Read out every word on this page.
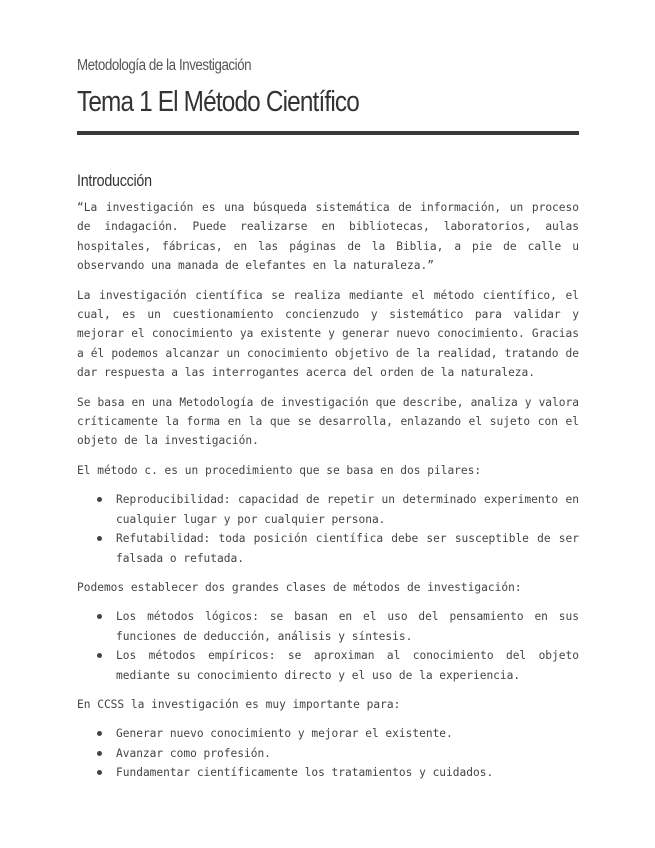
Metodología de la Investigación
Tema 1 El Método Científico
Introducción

“La investigación es una búsqueda sistemática de información, un proceso de indagación. Puede realizarse en bibliotecas, laboratorios, aulas hospitales, fábricas, en las páginas de la Biblia, a pie de calle u observando una manada de elefantes en la naturaleza.”

La investigación científica se realiza mediante el método científico, el cual, es un cuestionamiento concienzudo y sistemático para validar y mejorar el conocimiento ya existente y generar nuevo conocimiento. Gracias a él podemos alcanzar un conocimiento objetivo de la realidad, tratando de dar respuesta a las interrogantes acerca del orden de la naturaleza.

Se basa en una Metodología de investigación que describe, analiza y valora críticamente la forma en la que se desarrolla, enlazando el sujeto con el objeto de la investigación.

El método c. es un procedimiento que se basa en dos pilares:

Reproducibilidad: capacidad de repetir un determinado experimento en cualquier lugar y por cualquier persona.
Refutabilidad: toda posición científica debe ser susceptible de ser falsada o refutada.

Podemos establecer dos grandes clases de métodos de investigación:

Los métodos lógicos: se basan en el uso del pensamiento en sus funciones de deducción, análisis y síntesis.
Los métodos empíricos: se aproximan al conocimiento del objeto mediante su conocimiento directo y el uso de la experiencia.

En CCSS la investigación es muy importante para:

Generar nuevo conocimiento y mejorar el existente.
Avanzar como profesión.
Fundamentar científicamente los tratamientos y cuidados.
